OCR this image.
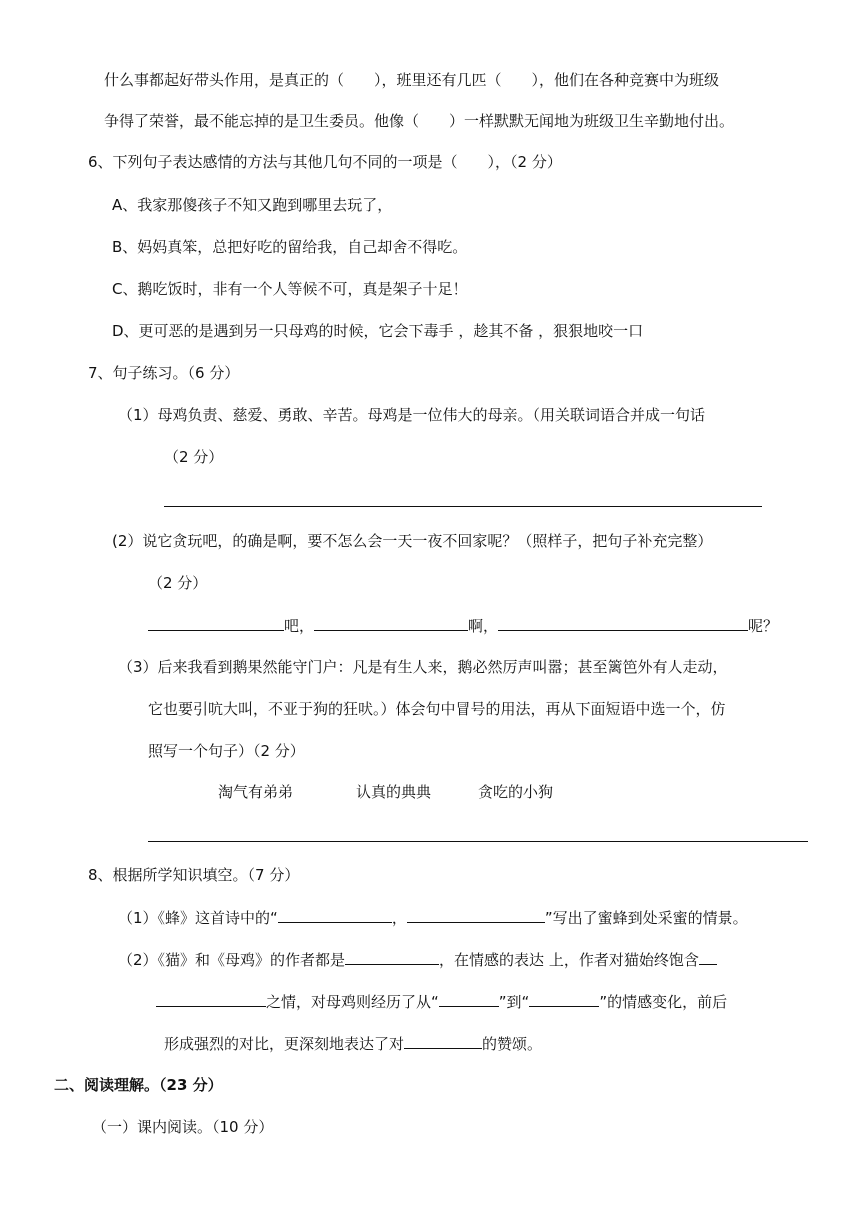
什么事都起好带头作用，是真正的（　　），班里还有几匹（　　），他们在各种竞赛中为班级
争得了荣誉，最不能忘掉的是卫生委员。他像（　　）一样默默无闻地为班级卫生辛勤地付出。
6、下列句子表达感情的方法与其他几句不同的一项是（　　），（2 分）
A、我家那傻孩子不知又跑到哪里去玩了，
B、妈妈真笨，总把好吃的留给我，自己却舍不得吃。
C、鹅吃饭时，非有一个人等候不可，真是架子十足！
D、更可恶的是遇到另一只母鸡的时候，它会下毒手 ，趁其不备 ，狠狠地咬一口
7、句子练习。（6 分）
（1）母鸡负责、慈爱、勇敢、辛苦。母鸡是一位伟大的母亲。（用关联词语合并成一句话
（2 分）
(2）说它贪玩吧，的确是啊，要不怎么会一天一夜不回家呢？（照样子，把句子补充完整）
（2 分）
吧，	啊，	呢？
（3）后来我看到鹅果然能守门户：凡是有生人来，鹅必然厉声叫嚣；甚至篱笆外有人走动，
它也要引吭大叫，不亚于狗的狂吠。）体会句中冒号的用法，再从下面短语中选一个，仿
照写一个句子）（2 分）
淘气有弟弟	认真的典典	贪吃的小狗
8、根据所学知识填空。（7 分）
（1）《蜂》这首诗中的“	，	”写出了蜜蜂到处采蜜的情景。
（2）《猫》和《母鸡》的作者都是	，在情感的表达 上，作者对猫始终饱含
之情，对母鸡则经历了从“	”到“	”的情感变化，前后
形成强烈的对比，更深刻地表达了对	的赞颂。
二、阅读理解。（23 分）
（一）课内阅读。（10 分）
